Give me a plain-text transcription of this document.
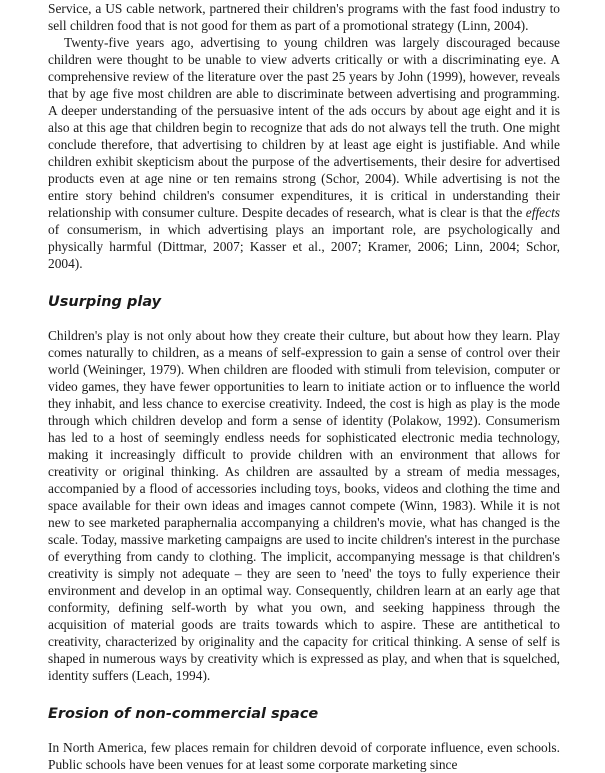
Service, a US cable network, partnered their children's programs with the fast food industry to sell children food that is not good for them as part of a promotional strategy (Linn, 2004).

Twenty-five years ago, advertising to young children was largely discouraged because children were thought to be unable to view adverts critically or with a discriminating eye. A comprehensive review of the literature over the past 25 years by John (1999), however, reveals that by age five most children are able to discriminate between advertising and programming. A deeper understanding of the persuasive intent of the ads occurs by about age eight and it is also at this age that children begin to recognize that ads do not always tell the truth. One might conclude therefore, that advertising to children by at least age eight is justifiable. And while children exhibit skepticism about the purpose of the advertisements, their desire for advertised products even at age nine or ten remains strong (Schor, 2004). While advertising is not the entire story behind children's consumer expenditures, it is critical in understanding their relationship with consumer culture. Despite decades of research, what is clear is that the effects of consumerism, in which advertising plays an important role, are psychologically and physically harmful (Dittmar, 2007; Kasser et al., 2007; Kramer, 2006; Linn, 2004; Schor, 2004).

Usurping play

Children's play is not only about how they create their culture, but about how they learn. Play comes naturally to children, as a means of self-expression to gain a sense of control over their world (Weininger, 1979). When children are flooded with stimuli from television, computer or video games, they have fewer opportunities to learn to initiate action or to influence the world they inhabit, and less chance to exercise creativity. Indeed, the cost is high as play is the mode through which children develop and form a sense of identity (Polakow, 1992). Consumerism has led to a host of seemingly endless needs for sophisticated electronic media technology, making it increasingly difficult to provide children with an environment that allows for creativity or original thinking. As children are assaulted by a stream of media messages, accompanied by a flood of accessories including toys, books, videos and clothing the time and space available for their own ideas and images cannot compete (Winn, 1983). While it is not new to see marketed paraphernalia accompanying a children's movie, what has changed is the scale. Today, massive marketing campaigns are used to incite children's interest in the purchase of everything from candy to clothing. The implicit, accompanying message is that children's creativity is simply not adequate – they are seen to 'need' the toys to fully experience their environment and develop in an optimal way. Consequently, children learn at an early age that conformity, defining self-worth by what you own, and seeking happiness through the acquisition of material goods are traits towards which to aspire. These are antithetical to creativity, characterized by originality and the capacity for critical thinking. A sense of self is shaped in numerous ways by creativity which is expressed as play, and when that is squelched, identity suffers (Leach, 1994).

Erosion of non-commercial space

In North America, few places remain for children devoid of corporate influence, even schools. Public schools have been venues for at least some corporate marketing since
